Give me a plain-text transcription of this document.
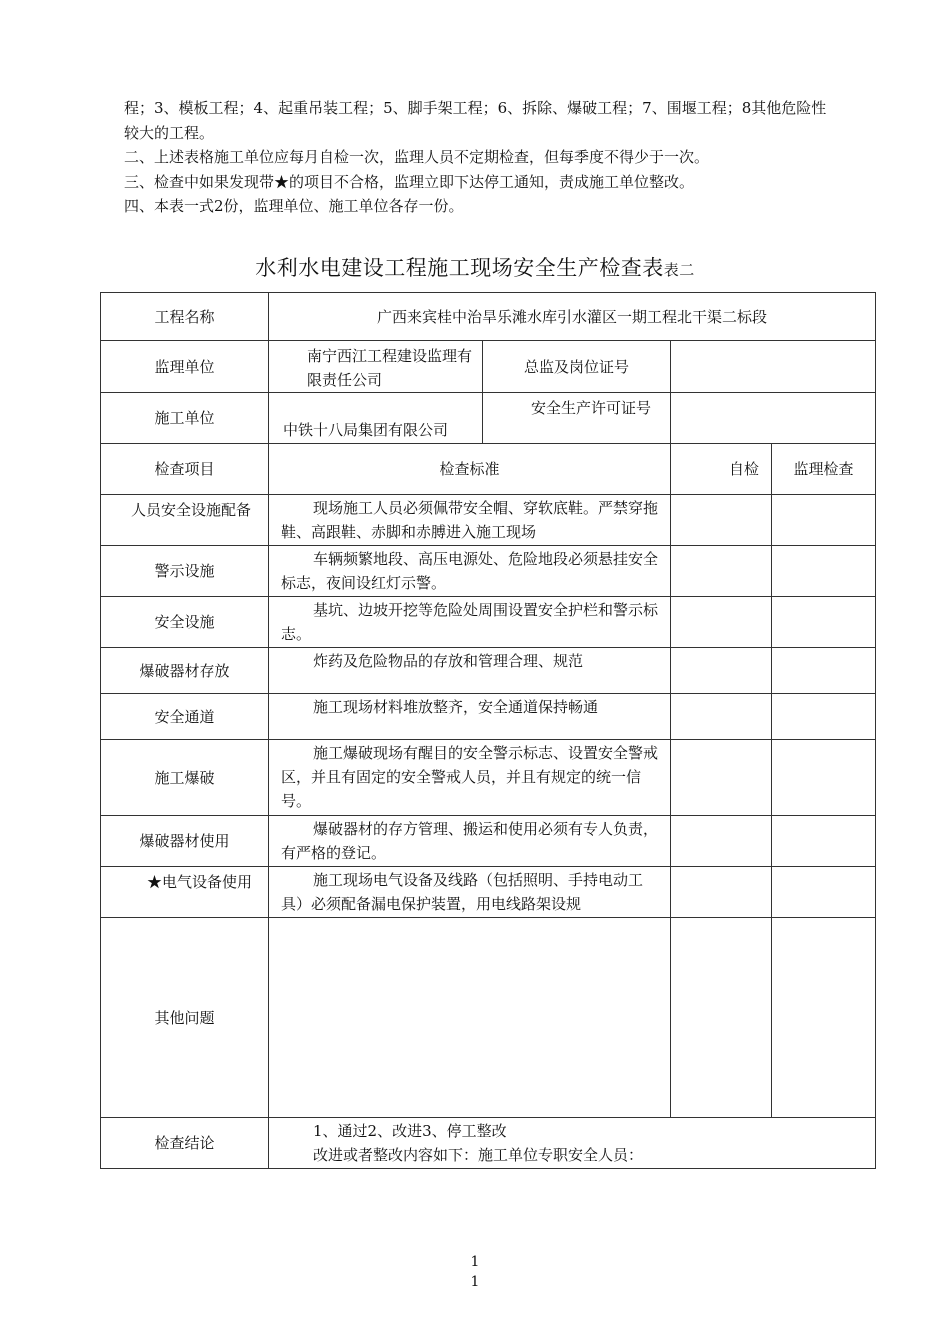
程；3、模板工程；4、起重吊装工程；5、脚手架工程；6、拆除、爆破工程；7、围堰工程；8其他危险性

较大的工程。

二、上述表格施工单位应每月自检一次，监理人员不定期检查，但每季度不得少于一次。

三、检查中如果发现带★的项目不合格，监理立即下达停工通知，责成施工单位整改。

四、本表一式2份，监理单位、施工单位各存一份。

水利水电建设工程施工现场安全生产检查表表二
工程名称	广西来宾桂中治旱乐滩水库引水灌区一期工程北干渠二标段			
监理单位	南宁西江工程建设监理有限责任公司	总监及岗位证号		
施工单位	中铁十八局集团有限公司	安全生产许可证号		
检查项目	检查标准		自检	监理检查
人员安全设施配备	现场施工人员必须佩带安全帽、穿软底鞋。严禁穿拖鞋、高跟鞋、赤脚和赤膊进入施工现场			
警示设施	车辆频繁地段、高压电源处、危险地段必须悬挂安全标志，夜间设红灯示警。			
安全设施	基坑、边坡开挖等危险处周围设置安全护栏和警示标志。			
爆破器材存放	炸药及危险物品的存放和管理合理、规范			
安全通道	施工现场材料堆放整齐，安全通道保持畅通			
施工爆破	施工爆破现场有醒目的安全警示标志、设置安全警戒区，并且有固定的安全警戒人员，并且有规定的统一信号。			
爆破器材使用	爆破器材的存方管理、搬运和使用必须有专人负责，有严格的登记。			
★电气设备使用	施工现场电气设备及线路（包括照明、手持电动工具）必须配备漏电保护装置，用电线路架设规			
其他问题				
检查结论	1、通过2、改进3、停工整改

改进或者整改内容如下：施工单位专职安全人员：			

1
1
